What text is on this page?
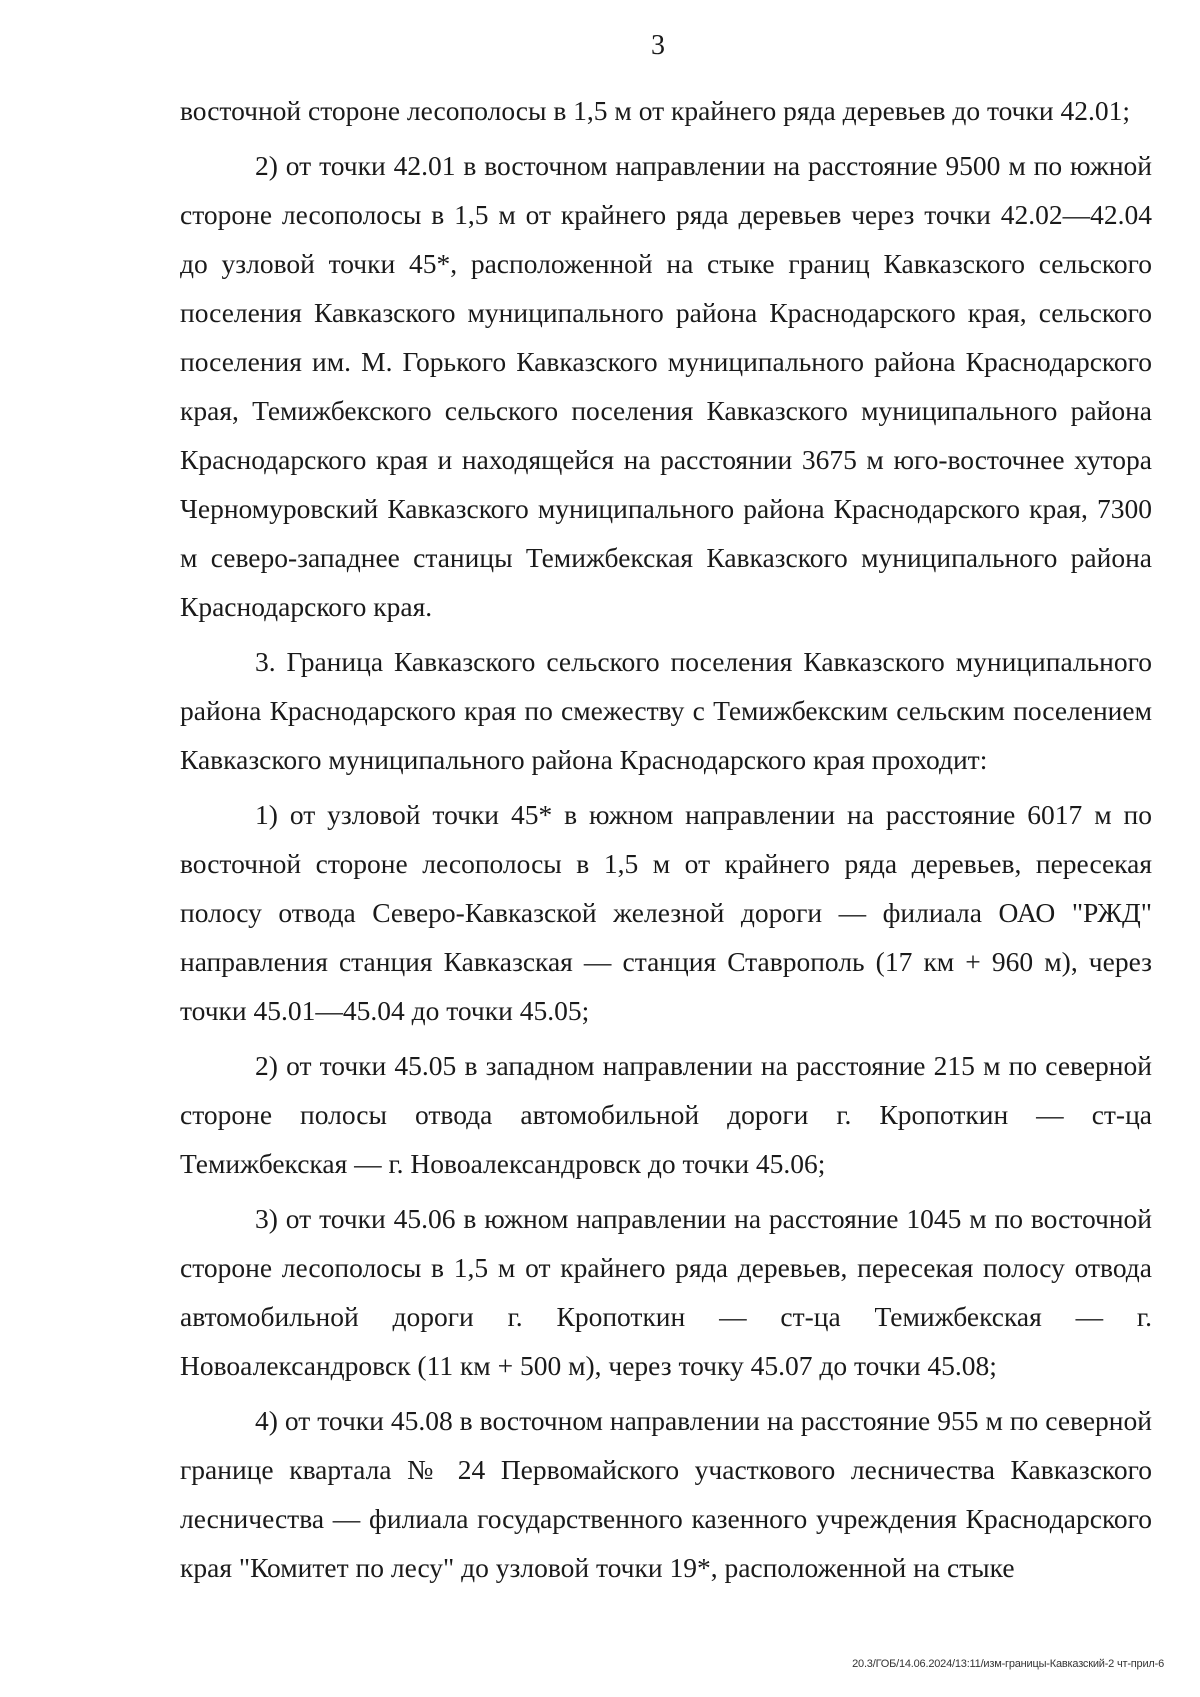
3

восточной стороне лесополосы в 1,5 м от крайнего ряда деревьев до точки 42.01;

2) от точки 42.01 в восточном направлении на расстояние 9500 м по южной стороне лесополосы в 1,5 м от крайнего ряда деревьев через точки 42.02—42.04 до узловой точки 45*, расположенной на стыке границ Кавказского сельского поселения Кавказского муниципального района Краснодарского края, сельского поселения им. М. Горького Кавказского муниципального района Краснодарского края, Темижбекского сельского поселения Кавказского муниципального района Краснодарского края и находящейся на расстоянии 3675 м юго-восточнее хутора Черномуровский Кавказского муниципального района Краснодарского края, 7300 м северо-западнее станицы Темижбекская Кавказского муниципального района Краснодарского края.

3. Граница Кавказского сельского поселения Кавказского муниципального района Краснодарского края по смежеству с Темижбекским сельским поселением Кавказского муниципального района Краснодарского края проходит:

1) от узловой точки 45* в южном направлении на расстояние 6017 м по восточной стороне лесополосы в 1,5 м от крайнего ряда деревьев, пересекая полосу отвода Северо-Кавказской железной дороги — филиала ОАО "РЖД" направления станция Кавказская — станция Ставрополь (17 км + 960 м), через точки 45.01—45.04 до точки 45.05;

2) от точки 45.05 в западном направлении на расстояние 215 м по северной стороне полосы отвода автомобильной дороги г. Кропоткин — ст-ца Темижбекская — г. Новоалександровск до точки 45.06;

3) от точки 45.06 в южном направлении на расстояние 1045 м по восточной стороне лесополосы в 1,5 м от крайнего ряда деревьев, пересекая полосу отвода автомобильной дороги г. Кропоткин — ст-ца Темижбекская — г. Новоалександровск (11 км + 500 м), через точку 45.07 до точки 45.08;

4) от точки 45.08 в восточном направлении на расстояние 955 м по северной границе квартала № 24 Первомайского участкового лесничества Кавказского лесничества — филиала государственного казенного учреждения Краснодарского края "Комитет по лесу" до узловой точки 19*, расположенной на стыке

20.3/ГОБ/14.06.2024/13:11/изм-границы-Кавказский-2 чт-прил-6
